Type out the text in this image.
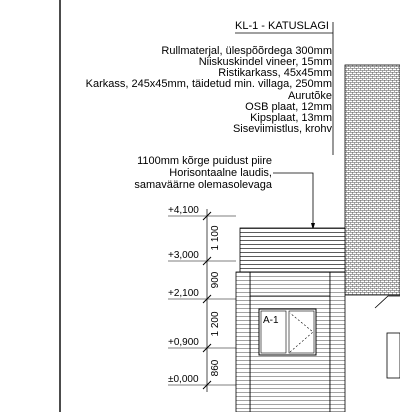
KL-1 - KATUSLAGI
Rullmaterjal, ülespõõrdega 300mm
Niiskuskindel vineer, 15mm
Ristikarkass, 45x45mm
Karkass, 245x45mm, täidetud min. villaga, 250mm
Aurutõke
OSB plaat, 12mm
Kipsplaat, 13mm
Siseviimistlus, krohv
1100mm kõrge puidust piire
Horisontaalne laudis,
samaväärne olemasolevaga
A-1
+4,100
+3,000
+2,100
+0,900
±0,000
1 100
900
1 200
860
